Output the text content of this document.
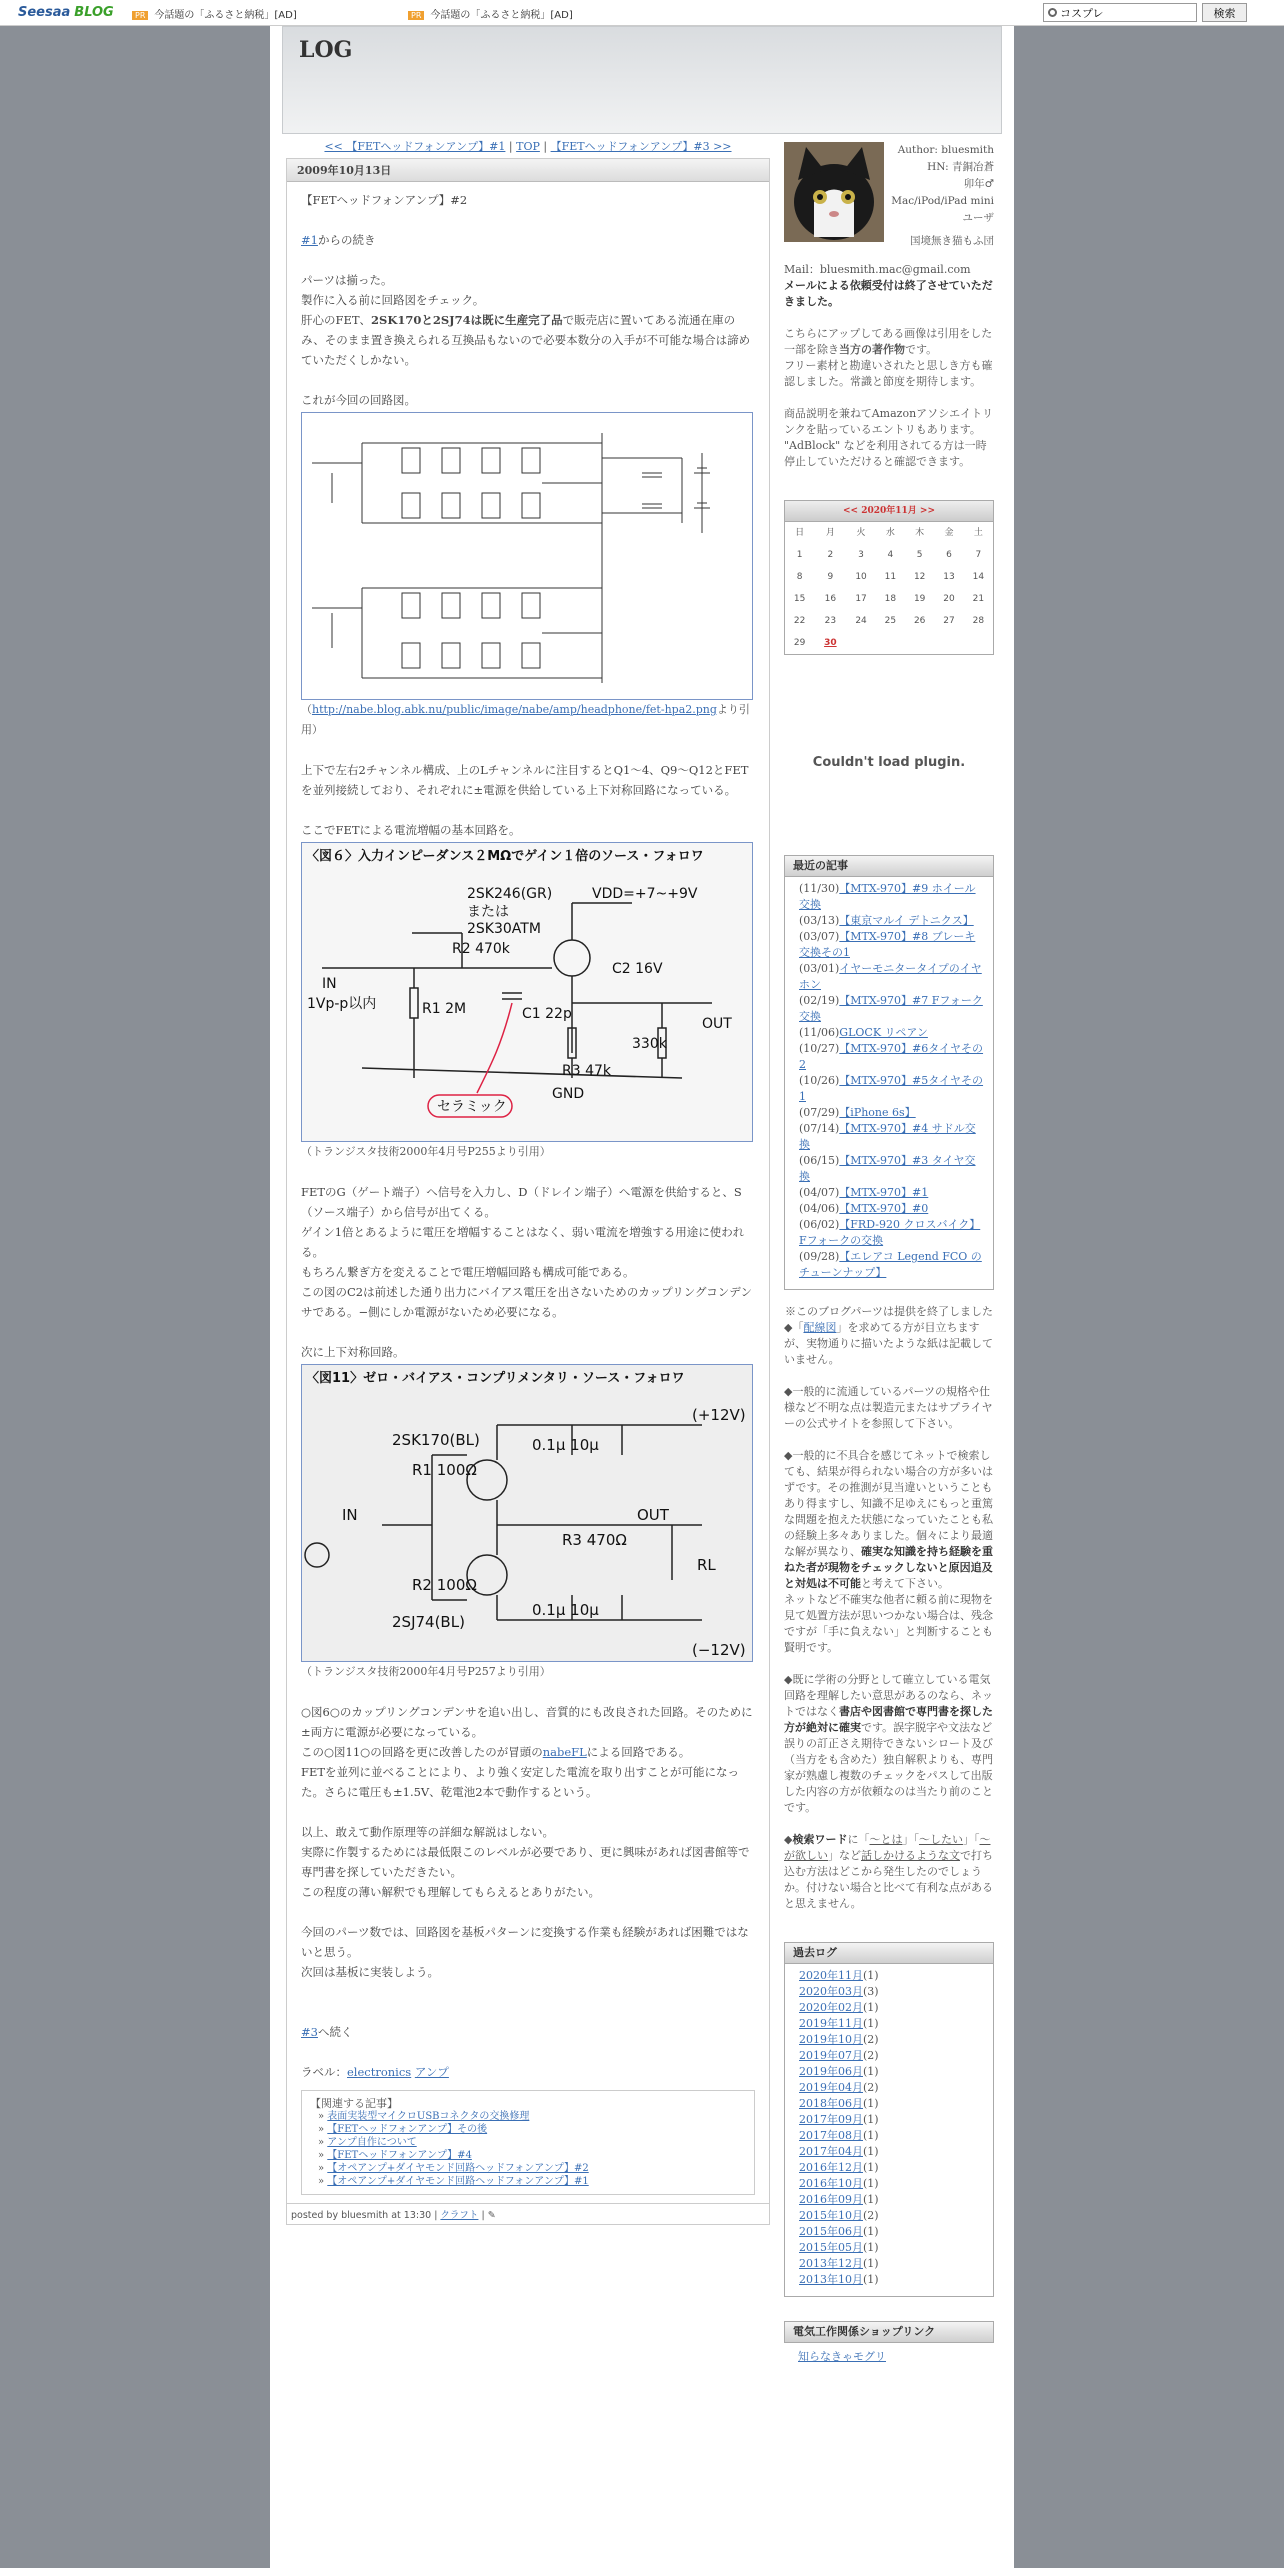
Seesaa BLOG	PR 今話題の「ふるさと納税」[AD]	PR 今話題の「ふるさと納税」[AD]
コスプレ	検索
LOG
<< 【FETヘッドフォンアンプ】#1 | TOP | 【FETヘッドフォンアンプ】#3 >>
2009年10月13日

【FETヘッドフォンアンプ】#2

#1からの続き

パーツは揃った。

製作に入る前に回路図をチェック。

肝心のFET、2SK170と2SJ74は既に生産完了品で販売店に置いてある流通在庫のみ、そのまま置き換えられる互換品もないので必要本数分の入手が不可能な場合は諦めていただくしかない。

これが今回の回路図。

（http://nabe.blog.abk.nu/public/image/nabe/amp/headphone/fet-hpa2.pngより引用）

上下で左右2チャンネル構成、上のLチャンネルに注目するとQ1～4、Q9～Q12とFETを並列接続しており、それぞれに±電源を供給している上下対称回路になっている。

ここでFETによる電流増幅の基本回路を。

〈図６〉入力インピーダンス２MΩでゲイン１倍のソース・フォロワ
2SK246(GR)
または
2SK30ATM
VDD=+7~+9V
R2 470k
IN
1Vp-p以内	R1 2M	C1 22p
C2 16V
R3 47k
330k
OUT
GND
セラミック

（トランジスタ技術2000年4月号P255より引用）

FETのG（ゲート端子）へ信号を入力し、D（ドレイン端子）へ電源を供給すると、S（ソース端子）から信号が出てくる。

ゲイン1倍とあるように電圧を増幅することはなく、弱い電流を増強する用途に使われる。

もちろん繋ぎ方を変えることで電圧増幅回路も構成可能である。

この図のC2は前述した通り出力にバイアス電圧を出さないためのカップリングコンデンサである。−側にしか電源がないため必要になる。

次に上下対称回路。

〈図11〉ゼロ・バイアス・コンプリメンタリ・ソース・フォロワ
2SK170(BL)
R1 100Ω
IN
R2 100Ω
2SJ74(BL)
0.1μ 10μ
(+12V)
R3 470Ω
OUT
RL
0.1μ 10μ
(−12V)

（トランジスタ技術2000年4月号P257より引用）

○図6○のカップリングコンデンサを追い出し、音質的にも改良された回路。そのために±両方に電源が必要になっている。

この○図11○の回路を更に改善したのが冒頭のnabeFLによる回路である。

FETを並列に並べることにより、より強く安定した電流を取り出すことが可能になった。さらに電圧も±1.5V、乾電池2本で動作するという。

以上、敢えて動作原理等の詳細な解説はしない。

実際に作製するためには最低限このレベルが必要であり、更に興味があれば図書館等で専門書を探していただきたい。

この程度の薄い解釈でも理解してもらえるとありがたい。

今回のパーツ数では、回路図を基板パターンに変換する作業も経験があれば困難ではないと思う。

次回は基板に実装しよう。

#3へ続く

ラベル：electronics アンプ

【関連する記事】
» 表面実装型マイクロUSBコネクタの交換修理
» 【FETヘッドフォンアンプ】その後
» アンプ自作について
» 【FETヘッドフォンアンプ】#4
» 【オペアンプ+ダイヤモンド回路ヘッドフォンアンプ】#2
» 【オペアンプ+ダイヤモンド回路ヘッドフォンアンプ】#1
posted by bluesmith at 13:30 | クラフト | ✎
Author: bluesmith
HN: 青銅冶蒼
卯年♂
Mac/iPod/iPad miniユーザ
国境無き猫もふ団
Mail：bluesmith.mac@gmail.com
メールによる依頼受付は終了させていただきました。
こちらにアップしてある画像は引用をした一部を除き当方の著作物です。
フリー素材と勘違いされたと思しき方も確認しました。常識と節度を期待します。
商品説明を兼ねてAmazonアソシエイトリンクを貼っているエントリもあります。
"AdBlock" などを利用されてる方は一時停止していただけると確認できます。
<< 2020年11月 >>
日	月	火	水	木	金	土
1	2	3	4	5	6	7
8	9	10	11	12	13	14
15	16	17	18	19	20	21
22	23	24	25	26	27	28
29	30					
Couldn't load plugin.
最近の記事
(11/30)【MTX-970】#9 ホイール交換
(03/13)【東京マルイ デトニクス】
(03/07)【MTX-970】#8 ブレーキ交換その1
(03/01)イヤーモニタータイプのイヤホン
(02/19)【MTX-970】#7 Fフォーク交換
(11/06)GLOCK リペアン
(10/27)【MTX-970】#6タイヤその2
(10/26)【MTX-970】#5タイヤその1
(07/29)【iPhone 6s】
(07/14)【MTX-970】#4 サドル交換
(06/15)【MTX-970】#3 タイヤ交換
(04/07)【MTX-970】#1
(04/06)【MTX-970】#0
(06/02)【FRD-920 クロスバイク】Fフォークの交換
(09/28)【エレアコ Legend FCO のチューンナップ】
※このブログパーツは提供を終了しました
◆「配線図」を求めてる方が目立ちますが、実物通りに描いたような紙は記載していません。
◆一般的に流通しているパーツの規格や仕様など不明な点は製造元またはサプライヤーの公式サイトを参照して下さい。
◆一般的に不具合を感じてネットで検索しても、結果が得られない場合の方が多いはずです。その推測が見当違いということもあり得ますし、知識不足ゆえにもっと重篤な問題を抱えた状態になっていたことも私の経験上多々ありました。個々により最適な解が異なり、確実な知識を持ち経験を重ねた者が現物をチェックしないと原因追及と対処は不可能と考えて下さい。
ネットなど不確実な他者に頼る前に現物を見て処置方法が思いつかない場合は、残念ですが「手に負えない」と判断することも賢明です。
◆既に学術の分野として確立している電気回路を理解したい意思があるのなら、ネットではなく書店や図書館で専門書を探した方が絶対に確実です。誤字脱字や文法など誤りの訂正さえ期待できないシロート及び（当方をも含めた）独自解釈よりも、専門家が熟慮し複数のチェックをパスして出版した内容の方が依頼なのは当たり前のことです。
◆検索ワードに「～とは」「～したい」「～が欲しい」など話しかけるような文で打ち込む方法はどこから発生したのでしょうか。付けない場合と比べて有利な点があると思えません。
過去ログ
2020年11月(1)
2020年03月(3)
2020年02月(1)
2019年11月(1)
2019年10月(2)
2019年07月(2)
2019年06月(1)
2019年04月(2)
2018年06月(1)
2017年09月(1)
2017年08月(1)
2017年04月(1)
2016年12月(1)
2016年10月(1)
2016年09月(1)
2015年10月(2)
2015年06月(1)
2015年05月(1)
2013年12月(1)
2013年10月(1)
電気工作関係ショップリンク
知らなきゃモグリ
